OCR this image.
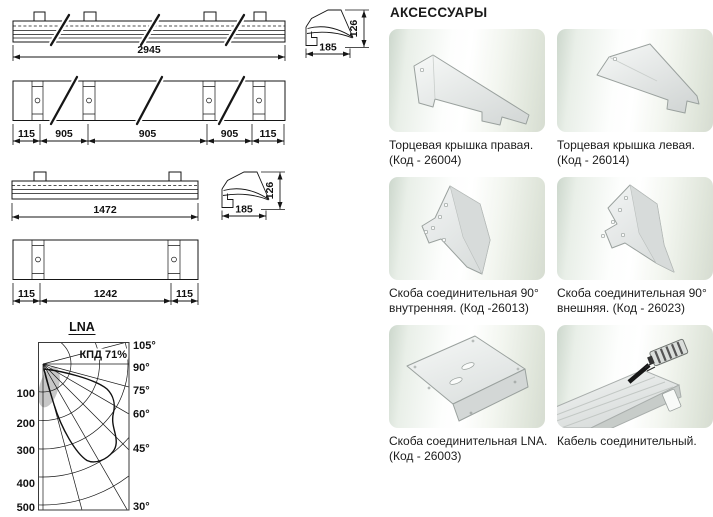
2945
126
185
115 905	905	905 115
1472
126
185
115	1242	115
LNA
КПД 71%
100
200
300
400
500
105°
90°
75°
60°
45°
30°
АКСЕССУАРЫ
Торцевая крышка правая.
(Код - 26004)
Торцевая крышка левая.
(Код - 26014)
Скоба соединительная 90°
внутренняя. (Код -26013)
Скоба соединительная 90°
внешняя. (Код - 26023)
Скоба соединительная LNA.
(Код - 26003)
Кабель соединительный.
